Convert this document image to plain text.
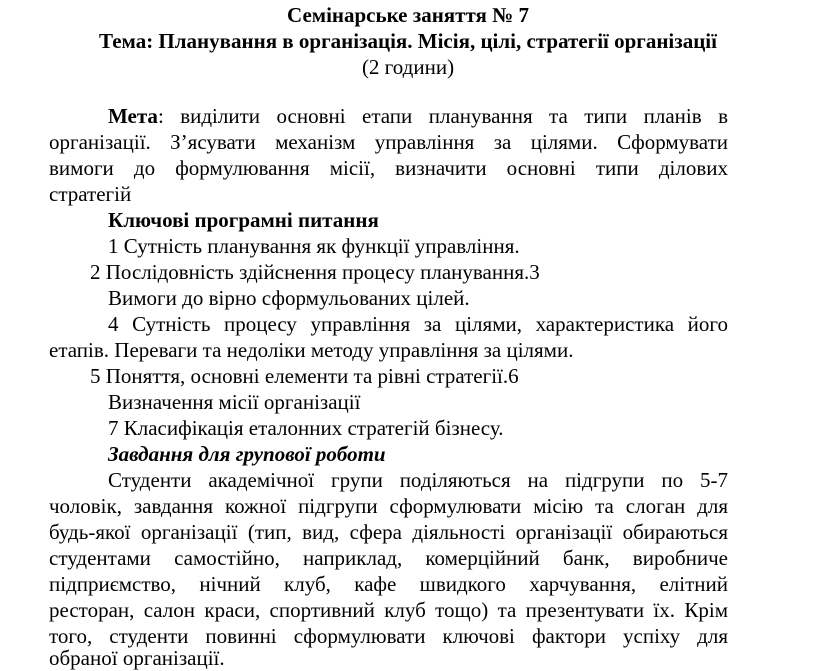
Семінарське заняття № 7
Тема: Планування в організація. Місія, цілі, стратегії організації
(2 години)
Мета: виділити основні етапи планування та типи планів в
організації. З’ясувати механізм управління за цілями. Сформувати
вимоги до формулювання місії, визначити основні типи ділових
стратегій
Ключові програмні питання
1 Сутність планування як функції управління.
2 Послідовність здійснення процесу планування.3
Вимоги до вірно сформульованих цілей.
4 Сутність процесу управління за цілями, характеристика його
етапів. Переваги та недоліки методу управління за цілями.
5 Поняття, основні елементи та рівні стратегії.6
Визначення місії організації
7 Класифікація еталонних стратегій бізнесу.
Завдання для групової роботи
Студенти академічної групи поділяються на підгрупи по 5-7
чоловік, завдання кожної підгрупи сформулювати місію та слоган для
будь-якої організації (тип, вид, сфера діяльності організації обираються
студентами самостійно, наприклад, комерційний банк, виробниче
підприємство, нічний клуб, кафе швидкого харчування, елітний
ресторан, салон краси, спортивний клуб тощо) та презентувати їх. Крім
того, студенти повинні сформулювати ключові фактори успіху для
обраної організації.
